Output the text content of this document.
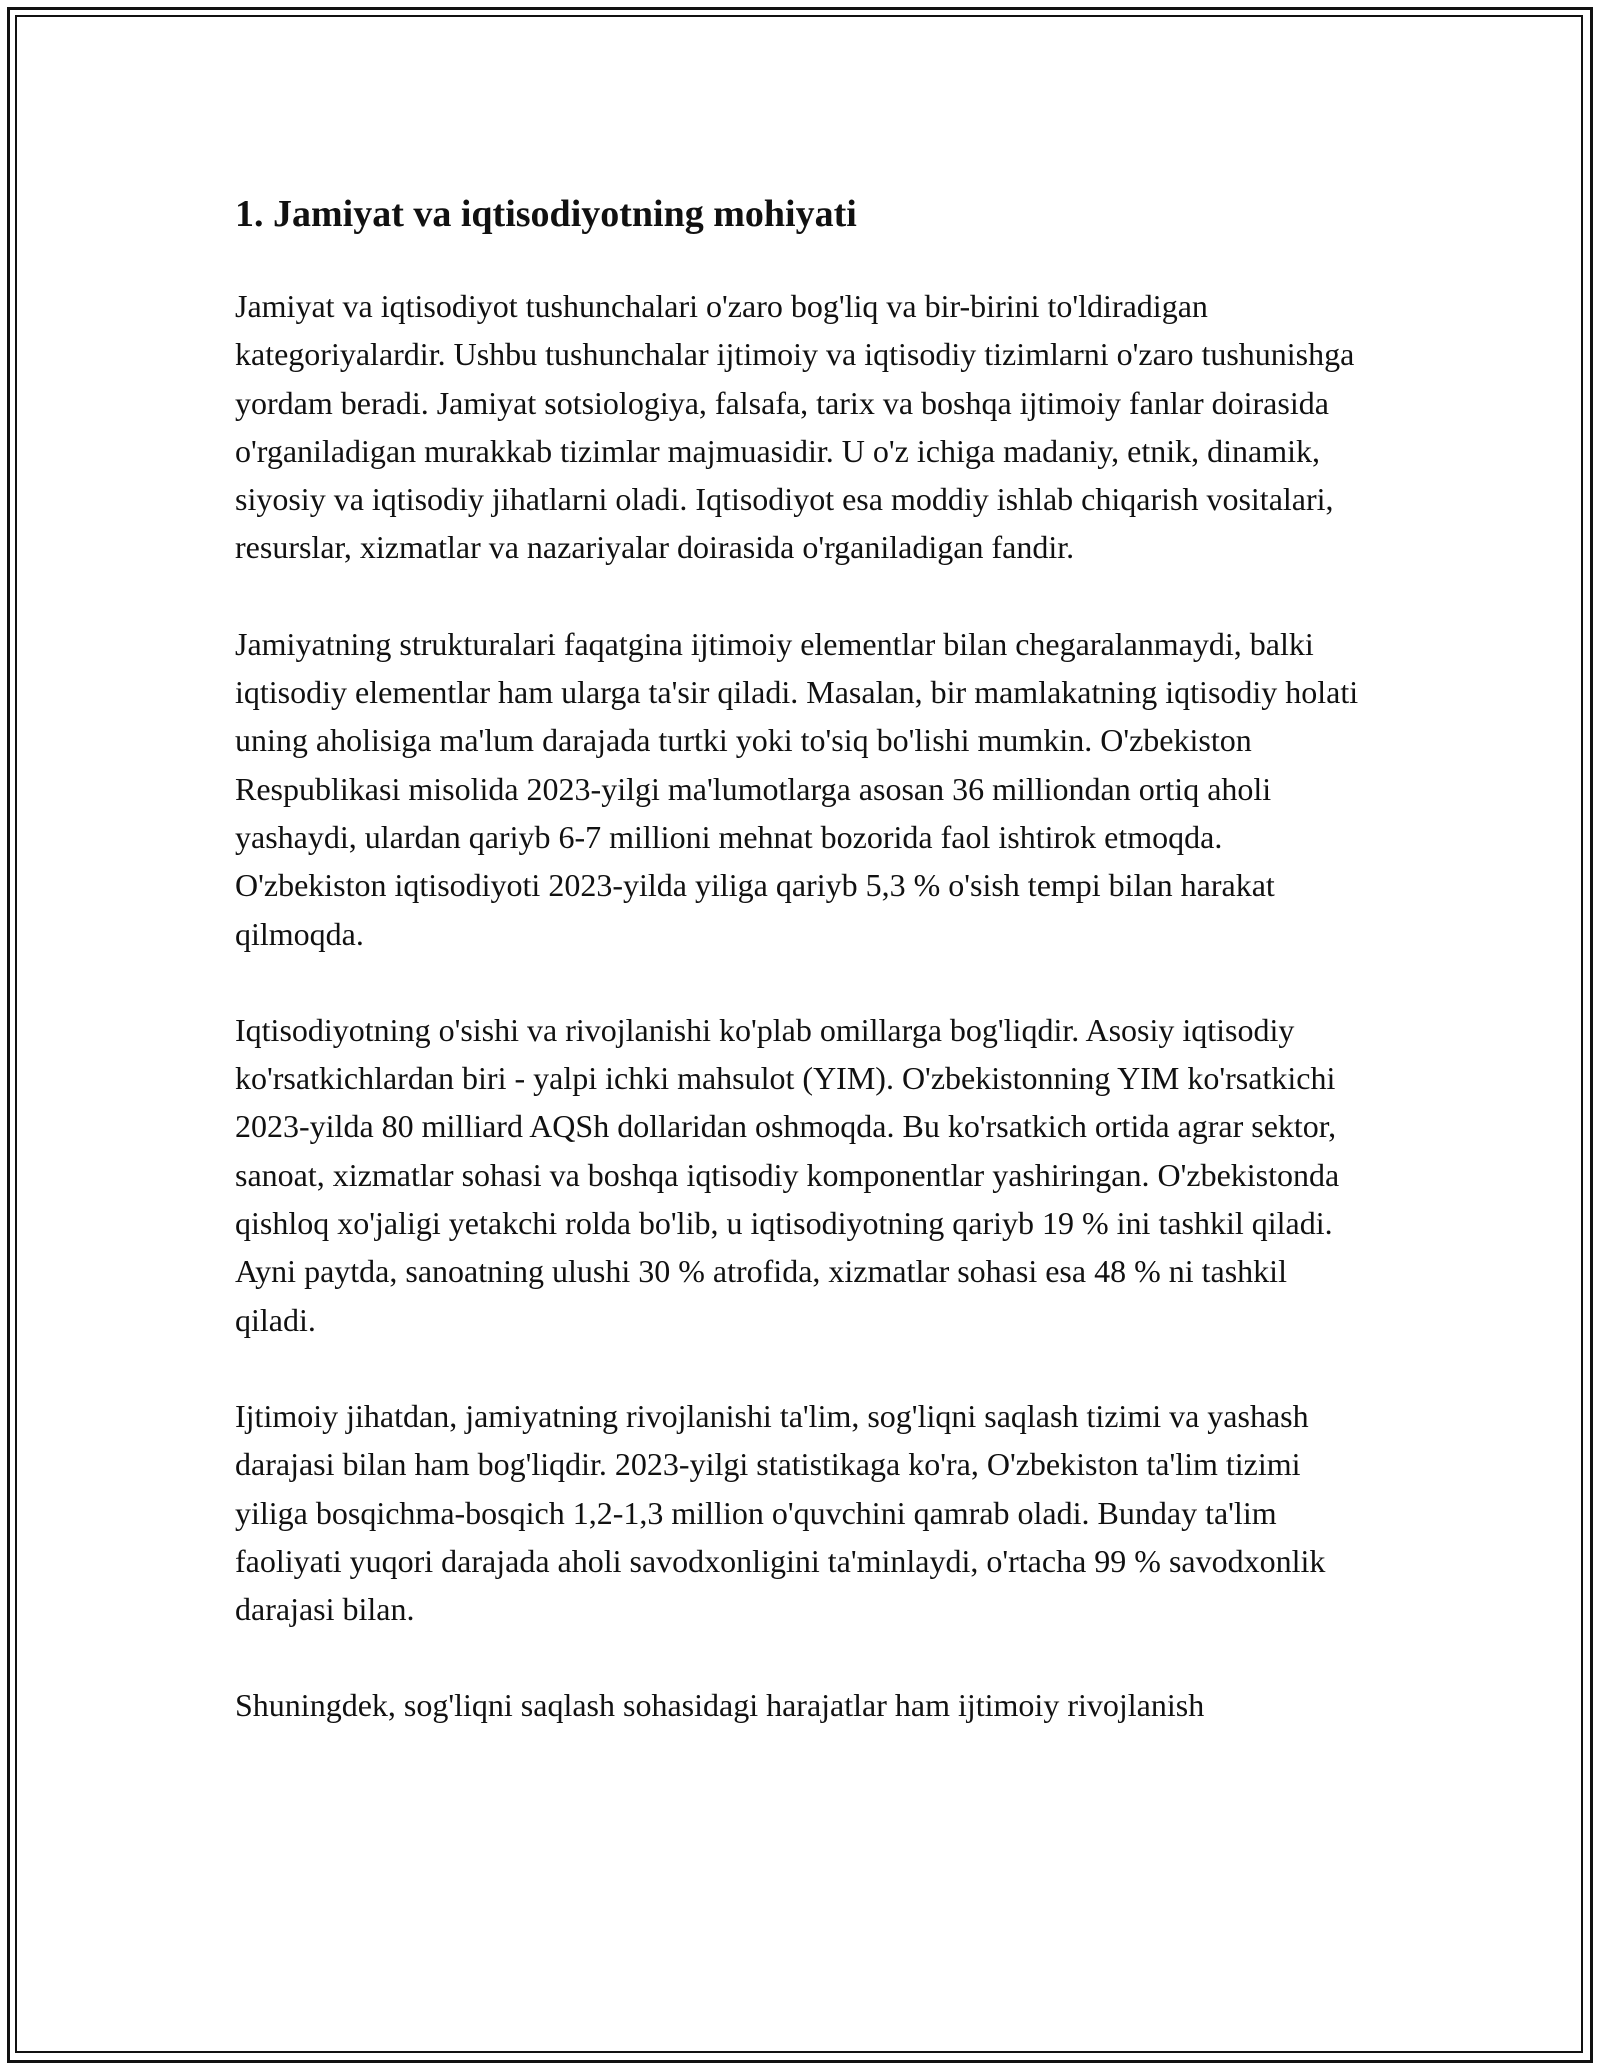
1. Jamiyat va iqtisodiyotning mohiyati

Jamiyat va iqtisodiyot tushunchalari o'zaro bog'liq va bir-birini to'ldiradigan kategoriyalardir. Ushbu tushunchalar ijtimoiy va iqtisodiy tizimlarni o'zaro tushunishga yordam beradi. Jamiyat sotsiologiya, falsafa, tarix va boshqa ijtimoiy fanlar doirasida o'rganiladigan murakkab tizimlar majmuasidir. U o'z ichiga madaniy, etnik, dinamik, siyosiy va iqtisodiy jihatlarni oladi. Iqtisodiyot esa moddiy ishlab chiqarish vositalari, resurslar, xizmatlar va nazariyalar doirasida o'rganiladigan fandir.

Jamiyatning strukturalari faqatgina ijtimoiy elementlar bilan chegaralanmaydi, balki iqtisodiy elementlar ham ularga ta'sir qiladi. Masalan, bir mamlakatning iqtisodiy holati uning aholisiga ma'lum darajada turtki yoki to'siq bo'lishi mumkin. O'zbekiston Respublikasi misolida 2023-yilgi ma'lumotlarga asosan 36 milliondan ortiq aholi yashaydi, ulardan qariyb 6-7 millioni mehnat bozorida faol ishtirok etmoqda. O'zbekiston iqtisodiyoti 2023-yilda yiliga qariyb 5,3 % o'sish tempi bilan harakat qilmoqda.

Iqtisodiyotning o'sishi va rivojlanishi ko'plab omillarga bog'liqdir. Asosiy iqtisodiy ko'rsatkichlardan biri - yalpi ichki mahsulot (YIM). O'zbekistonning YIM ko'rsatkichi 2023-yilda 80 milliard AQSh dollaridan oshmoqda. Bu ko'rsatkich ortida agrar sektor, sanoat, xizmatlar sohasi va boshqa iqtisodiy komponentlar yashiringan. O'zbekistonda qishloq xo'jaligi yetakchi rolda bo'lib, u iqtisodiyotning qariyb 19 % ini tashkil qiladi. Ayni paytda, sanoatning ulushi 30 % atrofida, xizmatlar sohasi esa 48 % ni tashkil qiladi.

Ijtimoiy jihatdan, jamiyatning rivojlanishi ta'lim, sog'liqni saqlash tizimi va yashash darajasi bilan ham bog'liqdir. 2023-yilgi statistikaga ko'ra, O'zbekiston ta'lim tizimi yiliga bosqichma-bosqich 1,2-1,3 million o'quvchini qamrab oladi. Bunday ta'lim faoliyati yuqori darajada aholi savodxonligini ta'minlaydi, o'rtacha 99 % savodxonlik darajasi bilan.

Shuningdek, sog'liqni saqlash sohasidagi harajatlar ham ijtimoiy rivojlanish
